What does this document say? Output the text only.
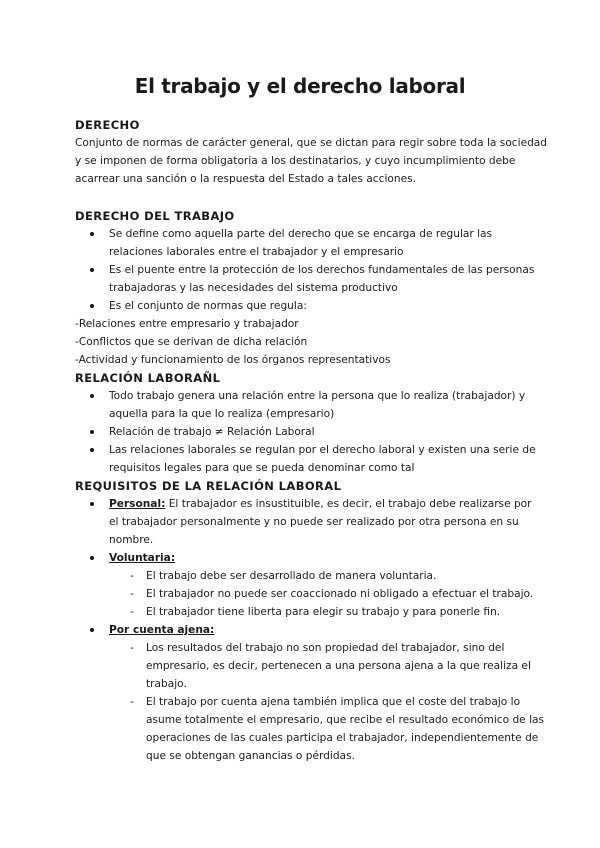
El trabajo y el derecho laboral
DERECHO
Conjunto de normas de carácter general, que se dictan para regir sobre toda la sociedad
y se imponen de forma obligatoria a los destinatarios, y cuyo incumplimiento debe
acarrear una sanción o la respuesta del Estado a tales acciones.
DERECHO DEL TRABAJO
Se define como aquella parte del derecho que se encarga de regular las
relaciones laborales entre el trabajador y el empresario
Es el puente entre la protección de los derechos fundamentales de las personas
trabajadoras y las necesidades del sistema productivo
Es el conjunto de normas que regula:
-Relaciones entre empresario y trabajador
-Conflictos que se derivan de dicha relación
-Actividad y funcionamiento de los órganos representativos
RELACIÓN LABORAÑL
Todo trabajo genera una relación entre la persona que lo realiza (trabajador) y
aquella para la que lo realiza (empresario)
Relación de trabajo ≠ Relación Laboral
Las relaciones laborales se regulan por el derecho laboral y existen una serie de
requisitos legales para que se pueda denominar como tal
REQUISITOS DE LA RELACIÓN LABORAL
Personal: El trabajador es insustituible, es decir, el trabajo debe realizarse por
el trabajador personalmente y no puede ser realizado por otra persona en su
nombre.
Voluntaria:
- El trabajo debe ser desarrollado de manera voluntaria.
- El trabajador no puede ser coaccionado ni obligado a efectuar el trabajo.
- El trabajador tiene liberta para elegir su trabajo y para ponerle fin.
Por cuenta ajena:
- Los resultados del trabajo no son propiedad del trabajador, sino del
empresario, es decir, pertenecen a una persona ajena a la que realiza el
trabajo.
- El trabajo por cuenta ajena también implica que el coste del trabajo lo
asume totalmente el empresario, que recibe el resultado económico de las
operaciones de las cuales participa el trabajador, independientemente de
que se obtengan ganancias o pérdidas.
